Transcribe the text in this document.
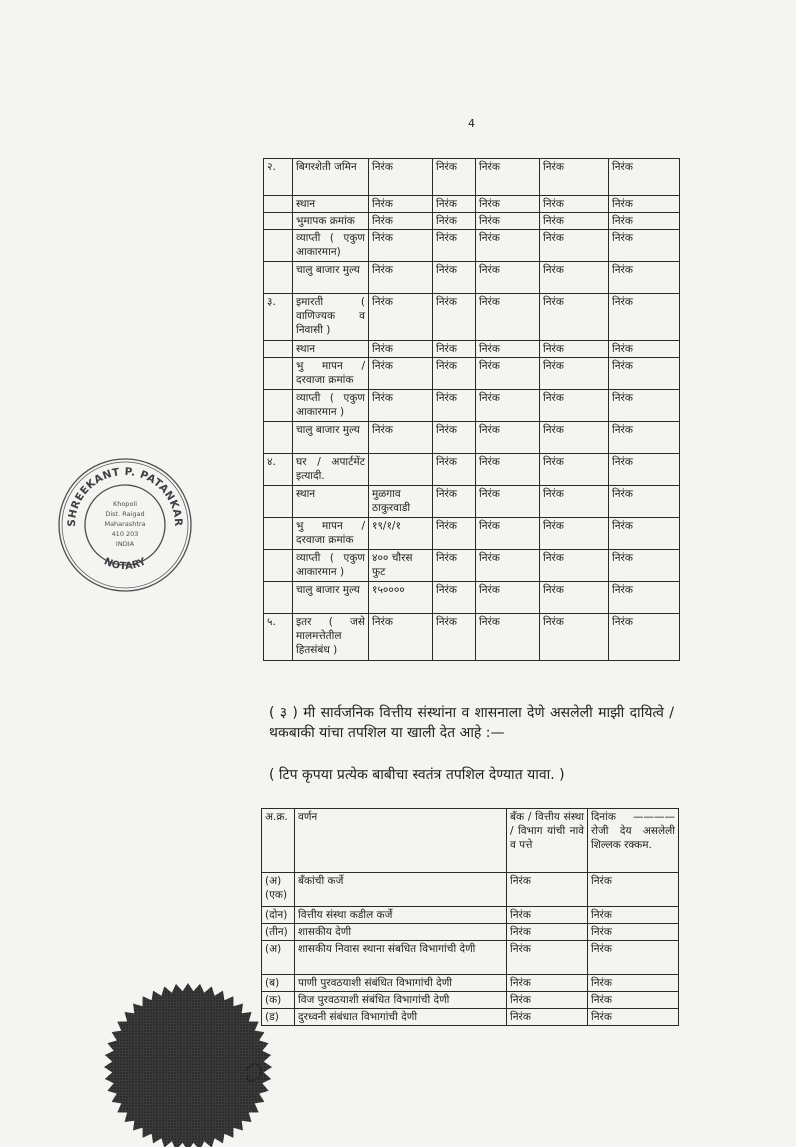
4
२.	बिगरशेती जमिन	निरंक	निरंक	निरंक	निरंक	निरंक
	स्थान	निरंक	निरंक	निरंक	निरंक	निरंक
	भुमापक क्रमांक	निरंक	निरंक	निरंक	निरंक	निरंक
	व्याप्ती ( एकुण आकारमान)	निरंक	निरंक	निरंक	निरंक	निरंक
	चालु बाजार मुल्य	निरंक	निरंक	निरंक	निरंक	निरंक
३.	इमारती ( वाणिज्यक व निवासी )	निरंक	निरंक	निरंक	निरंक	निरंक
	स्थान	निरंक	निरंक	निरंक	निरंक	निरंक
	भु मापन / दरवाजा क्रमांक	निरंक	निरंक	निरंक	निरंक	निरंक
	व्याप्ती ( एकुण आकारमान )	निरंक	निरंक	निरंक	निरंक	निरंक
	चालु बाजार मुल्य	निरंक	निरंक	निरंक	निरंक	निरंक
४.	घर / अपार्टमेंट इत्यादी.		निरंक	निरंक	निरंक	निरंक
	स्थान	मुळगाव ठाकुरवाडी	निरंक	निरंक	निरंक	निरंक
	भु मापन / दरवाजा क्रमांक	१९/१/१	निरंक	निरंक	निरंक	निरंक
	व्याप्ती ( एकुण आकारमान )	४०० चौरस फुट	निरंक	निरंक	निरंक	निरंक
	चालु बाजार मुल्य	१५००००	निरंक	निरंक	निरंक	निरंक
५.	इतर ( जसे मालमत्तेतील हितसंबंध )	निरंक	निरंक	निरंक	निरंक	निरंक
( ३ ) मी सार्वजनिक वित्तीय संस्थांना व शासनाला देणे असलेली माझी दायित्वे / थकबाकी यांचा तपशिल या खाली देत आहे :—
( टिप कृपया प्रत्येक बाबीचा स्वतंत्र तपशिल देण्यात यावा. )
अ.क्र.	वर्णन	बँक / वित्तीय संस्था / विभाग यांची नावे व पत्ते	दिनांक ———— रोजी देय असलेली शिल्लक रक्कम.
(अ) (एक)	बँकांची कर्जे	निरंक	निरंक
(दोन)	वित्तीय संस्था कडील कर्जे	निरंक	निरंक
(तीन)	शासकीय देणी	निरंक	निरंक
(अ)	शासकीय निवास स्थाना संबधित विभागांची देणी	निरंक	निरंक
(ब)	पाणी पुरवठयाशी संबंधित विभागांची देणी	निरंक	निरंक
(क)	विज पुरवठयाशी संबंधित विभागांची देणी	निरंक	निरंक
(ड)	दुरध्वनी संबंधात विभागांची देणी	निरंक	निरंक
SHREEKANT P. PATANKAR
NOTARY
Khopoli
Dist. Raigad
Maharashtra
410 203
INDIA
